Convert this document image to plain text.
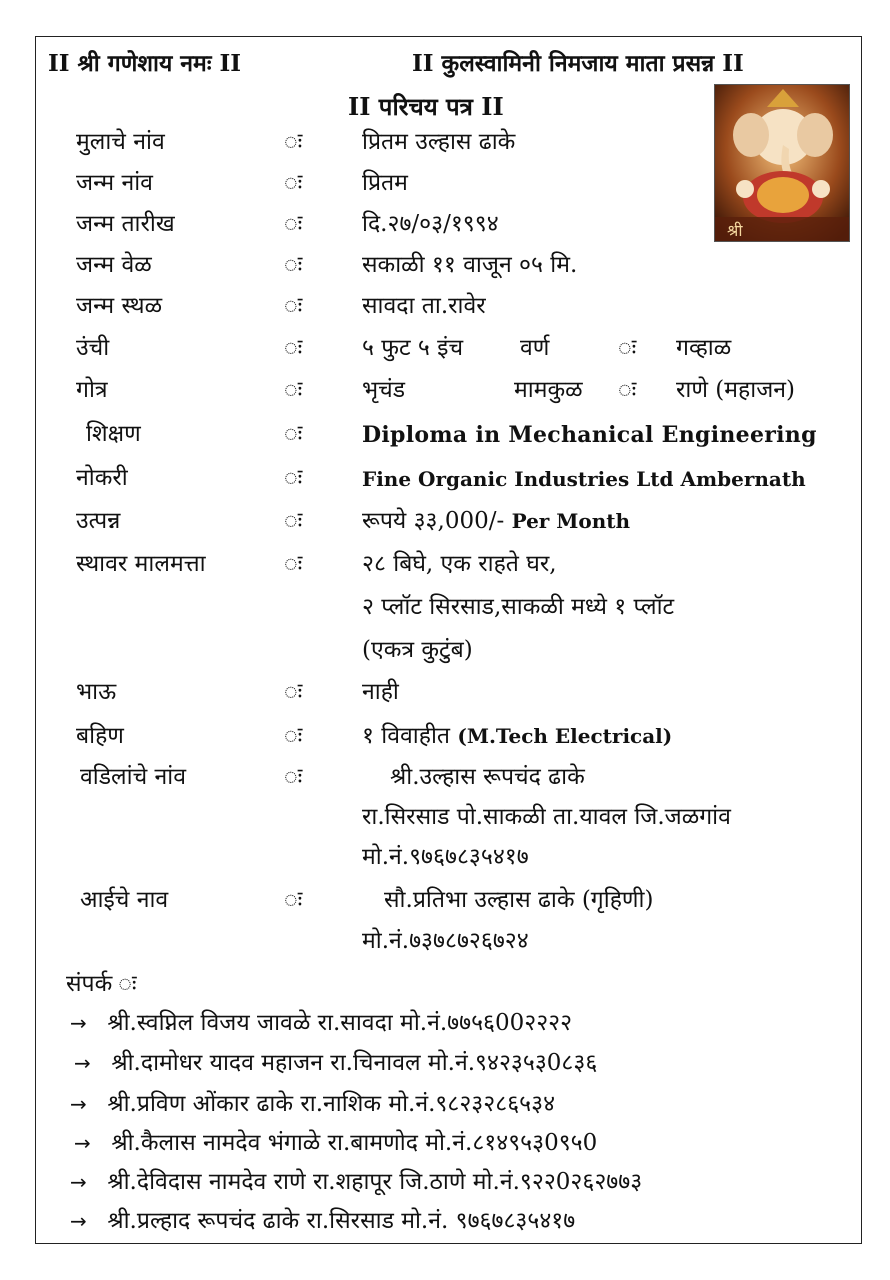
II श्री गणेशाय नमः II	II कुलस्वामिनी निमजाय माता प्रसन्न II
II परिचय पत्र II
श्री
मुलाचे नांव	ः	प्रितम उल्हास ढाके
जन्म नांव	ः	प्रितम
जन्म तारीख	ः	दि.२७/०३/१९९४
जन्म वेळ	ः	सकाळी ११ वाजून ०५ मि.
जन्म स्थळ	ः	सावदा ता.रावेर
उंची	ः	५ फुट ५ इंच वर्ण	ः गव्हाळ
गोत्र	ः	भृचंड	मामकुळ ः राणे (महाजन)
शिक्षण	ः	Diploma in Mechanical Engineering
नोकरी	ः	Fine Organic Industries Ltd Ambernath
उत्पन्न	ः	रूपये ३३,000/- Per Month
स्थावर मालमत्ता	ः	२८ बिघे, एक राहते घर,
२ प्लॉट सिरसाड,साकळी मध्ये १ प्लॉट
(एकत्र कुटुंब)
भाऊ	ः	नाही
बहिण	ः	१ विवाहीत (M.Tech Electrical)
वडिलांचे नांव	ः	श्री.उल्हास रूपचंद ढाके
रा.सिरसाड पो.साकळी ता.यावल जि.जळगांव
मो.नं.९७६७८३५४१७
आईचे नाव	ः	सौ.प्रतिभा उल्हास ढाके (गृहिणी)
मो.नं.७३७८७२६७२४
संपर्क ः
→ श्री.स्वप्निल विजय जावळे रा.सावदा मो.नं.७७५६00२२२२
→ श्री.दामोधर यादव महाजन रा.चिनावल मो.नं.९४२३५३0८३६
→ श्री.प्रविण ओंकार ढाके रा.नाशिक मो.नं.९८२३२८६५३४
→ श्री.कैलास नामदेव भंगाळे रा.बामणोद मो.नं.८१४९५३0९५0
→ श्री.देविदास नामदेव राणे रा.शहापूर जि.ठाणे मो.नं.९२२0२६२७७३
→ श्री.प्रल्हाद रूपचंद ढाके रा.सिरसाड मो.नं. ९७६७८३५४१७
